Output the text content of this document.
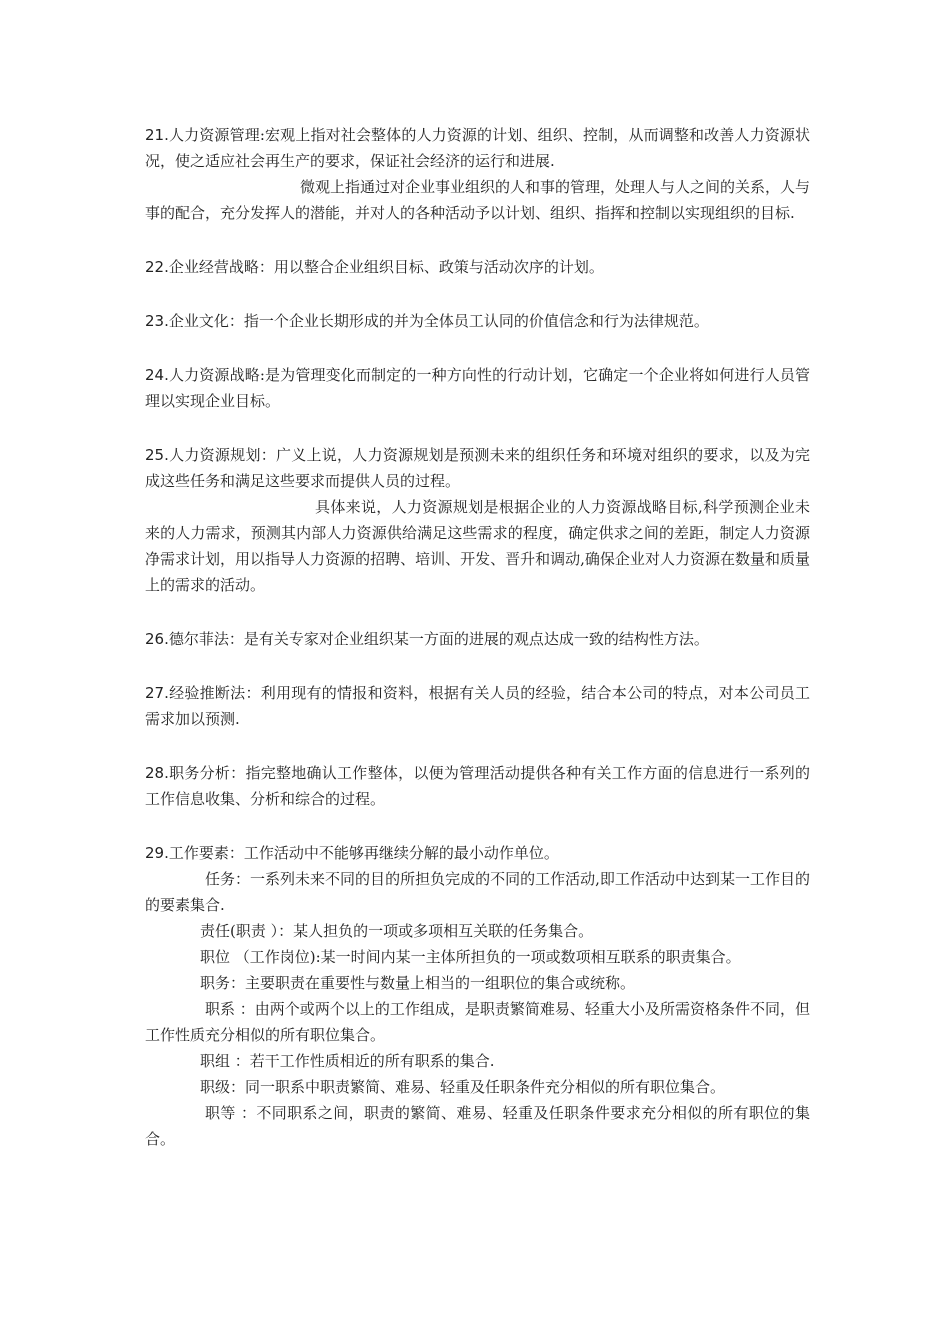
21.人力资源管理:宏观上指对社会整体的人力资源的计划、组织、控制，从而调整和改善人力资源状况，使之适应社会再生产的要求，保证社会经济的运行和进展.

微观上指通过对企业事业组织的人和事的管理，处理人与人之间的关系，人与事的配合，充分发挥人的潜能，并对人的各种活动予以计划、组织、指挥和控制以实现组织的目标.

22.企业经营战略：用以整合企业组织目标、政策与活动次序的计划。

23.企业文化：指一个企业长期形成的并为全体员工认同的价值信念和行为法律规范。

24.人力资源战略:是为管理变化而制定的一种方向性的行动计划，它确定一个企业将如何进行人员管理以实现企业目标。

25.人力资源规划：广义上说，人力资源规划是预测未来的组织任务和环境对组织的要求，以及为完成这些任务和满足这些要求而提供人员的过程。

具体来说，人力资源规划是根据企业的人力资源战略目标,科学预测企业未来的人力需求，预测其内部人力资源供给满足这些需求的程度，确定供求之间的差距，制定人力资源净需求计划，用以指导人力资源的招聘、培训、开发、晋升和调动,确保企业对人力资源在数量和质量上的需求的活动。

26.德尔菲法：是有关专家对企业组织某一方面的进展的观点达成一致的结构性方法。

27.经验推断法：利用现有的情报和资料，根据有关人员的经验，结合本公司的特点，对本公司员工需求加以预测.

28.职务分析：指完整地确认工作整体，以便为管理活动提供各种有关工作方面的信息进行一系列的工作信息收集、分析和综合的过程。

29.工作要素：工作活动中不能够再继续分解的最小动作单位。

任务：一系列未来不同的目的所担负完成的不同的工作活动,即工作活动中达到某一工作目的的要素集合.

责任(职责 ）：某人担负的一项或多项相互关联的任务集合。

职位 （工作岗位):某一时间内某一主体所担负的一项或数项相互联系的职责集合。

职务：主要职责在重要性与数量上相当的一组职位的集合或统称。

职系 ：由两个或两个以上的工作组成，是职责繁简难易、轻重大小及所需资格条件不同，但工作性质充分相似的所有职位集合。

职组 ：若干工作性质相近的所有职系的集合.

职级：同一职系中职责繁简、难易、轻重及任职条件充分相似的所有职位集合。

职等 ：不同职系之间，职责的繁简、难易、轻重及任职条件要求充分相似的所有职位的集合。
